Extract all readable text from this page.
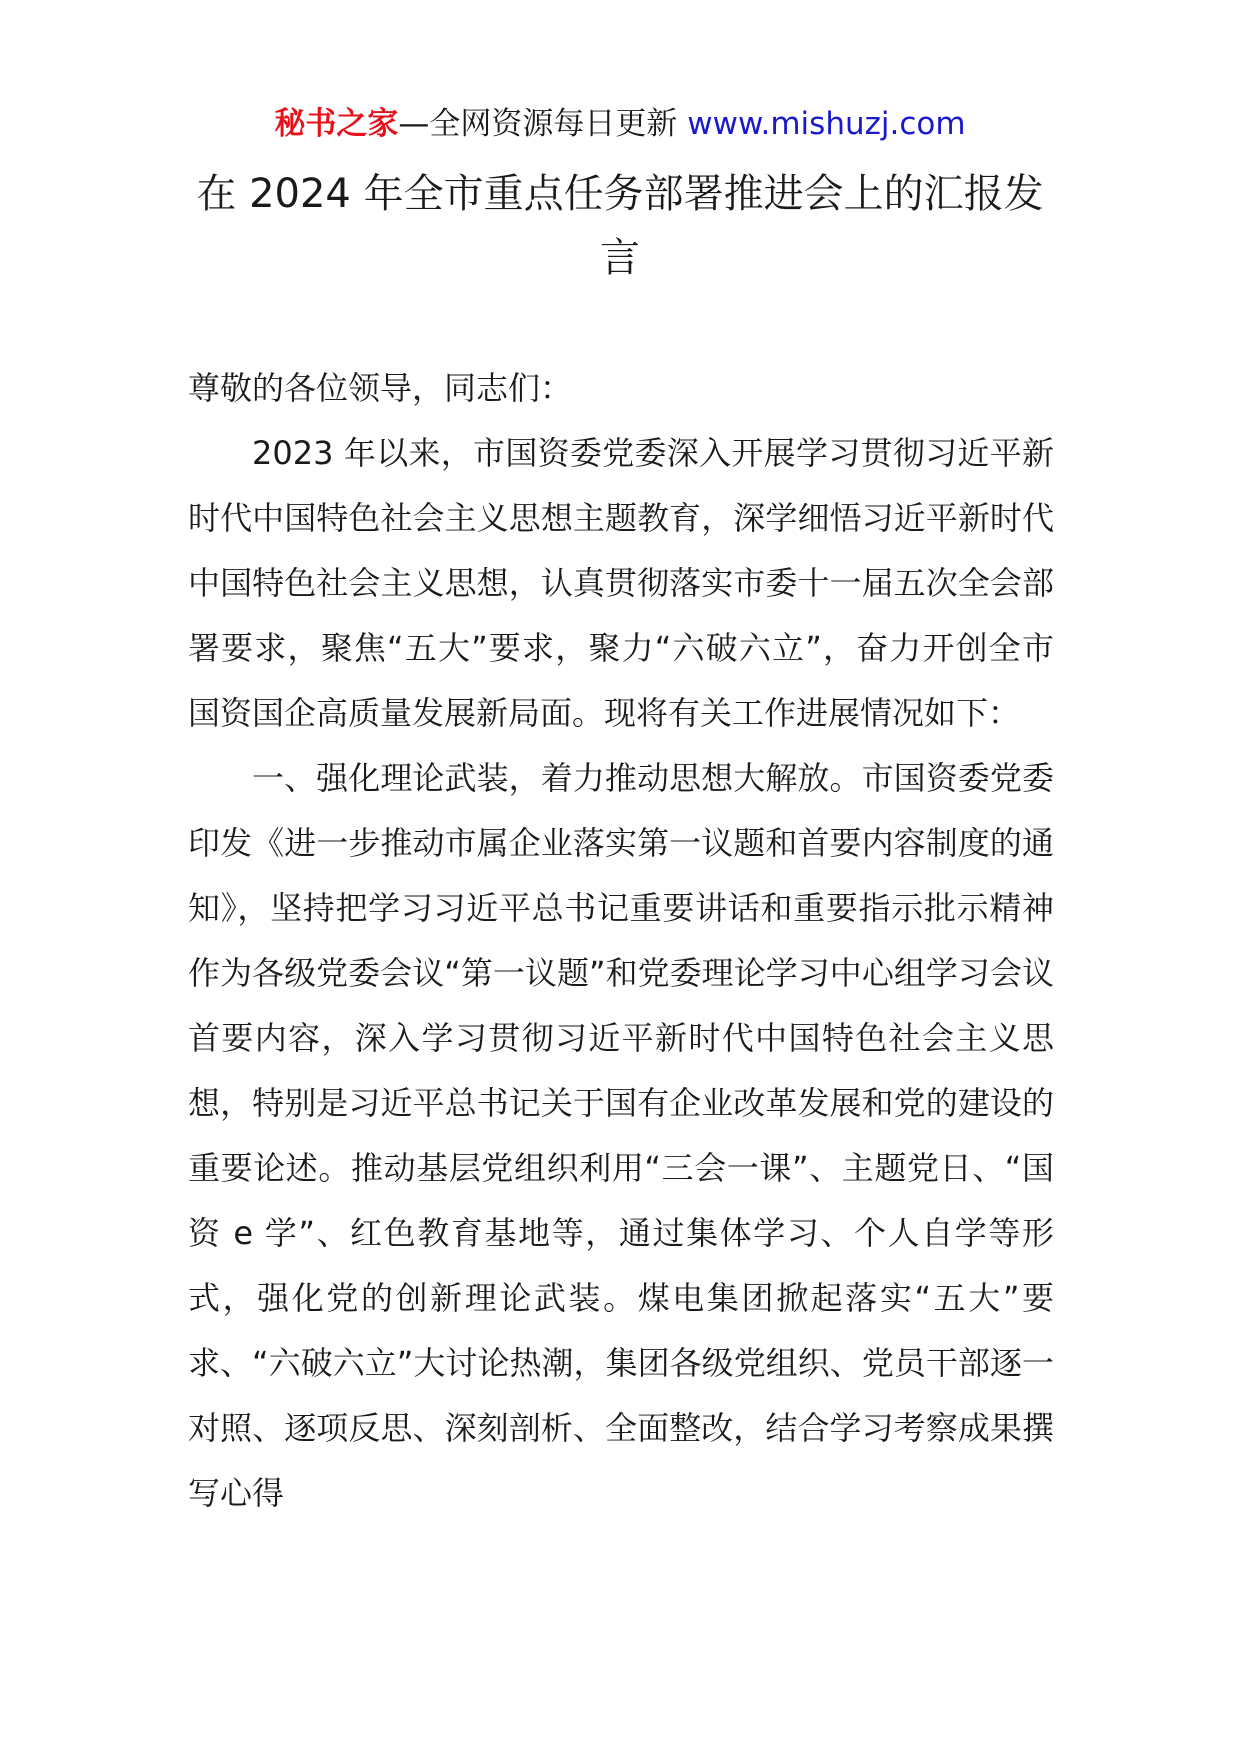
秘书之家—全网资源每日更新 www.mishuzj.com
在 2024 年全市重点任务部署推进会上的汇报发言

尊敬的各位领导，同志们：

2023 年以来，市国资委党委深入开展学习贯彻习近平新时代中国特色社会主义思想主题教育，深学细悟习近平新时代中国特色社会主义思想，认真贯彻落实市委十一届五次全会部署要求，聚焦“五大”要求，聚力“六破六立”，奋力开创全市国资国企高质量发展新局面。现将有关工作进展情况如下：

一、强化理论武装，着力推动思想大解放。市国资委党委印发《进一步推动市属企业落实第一议题和首要内容制度的通知》，坚持把学习习近平总书记重要讲话和重要指示批示精神作为各级党委会议“第一议题”和党委理论学习中心组学习会议首要内容，深入学习贯彻习近平新时代中国特色社会主义思想，特别是习近平总书记关于国有企业改革发展和党的建设的重要论述。推动基层党组织利用“三会一课”、主题党日、“国资 e 学”、红色教育基地等，通过集体学习、个人自学等形式，强化党的创新理论武装。煤电集团掀起落实“五大”要求、“六破六立”大讨论热潮，集团各级党组织、党员干部逐一对照、逐项反思、深刻剖析、全面整改，结合学习考察成果撰写心得
